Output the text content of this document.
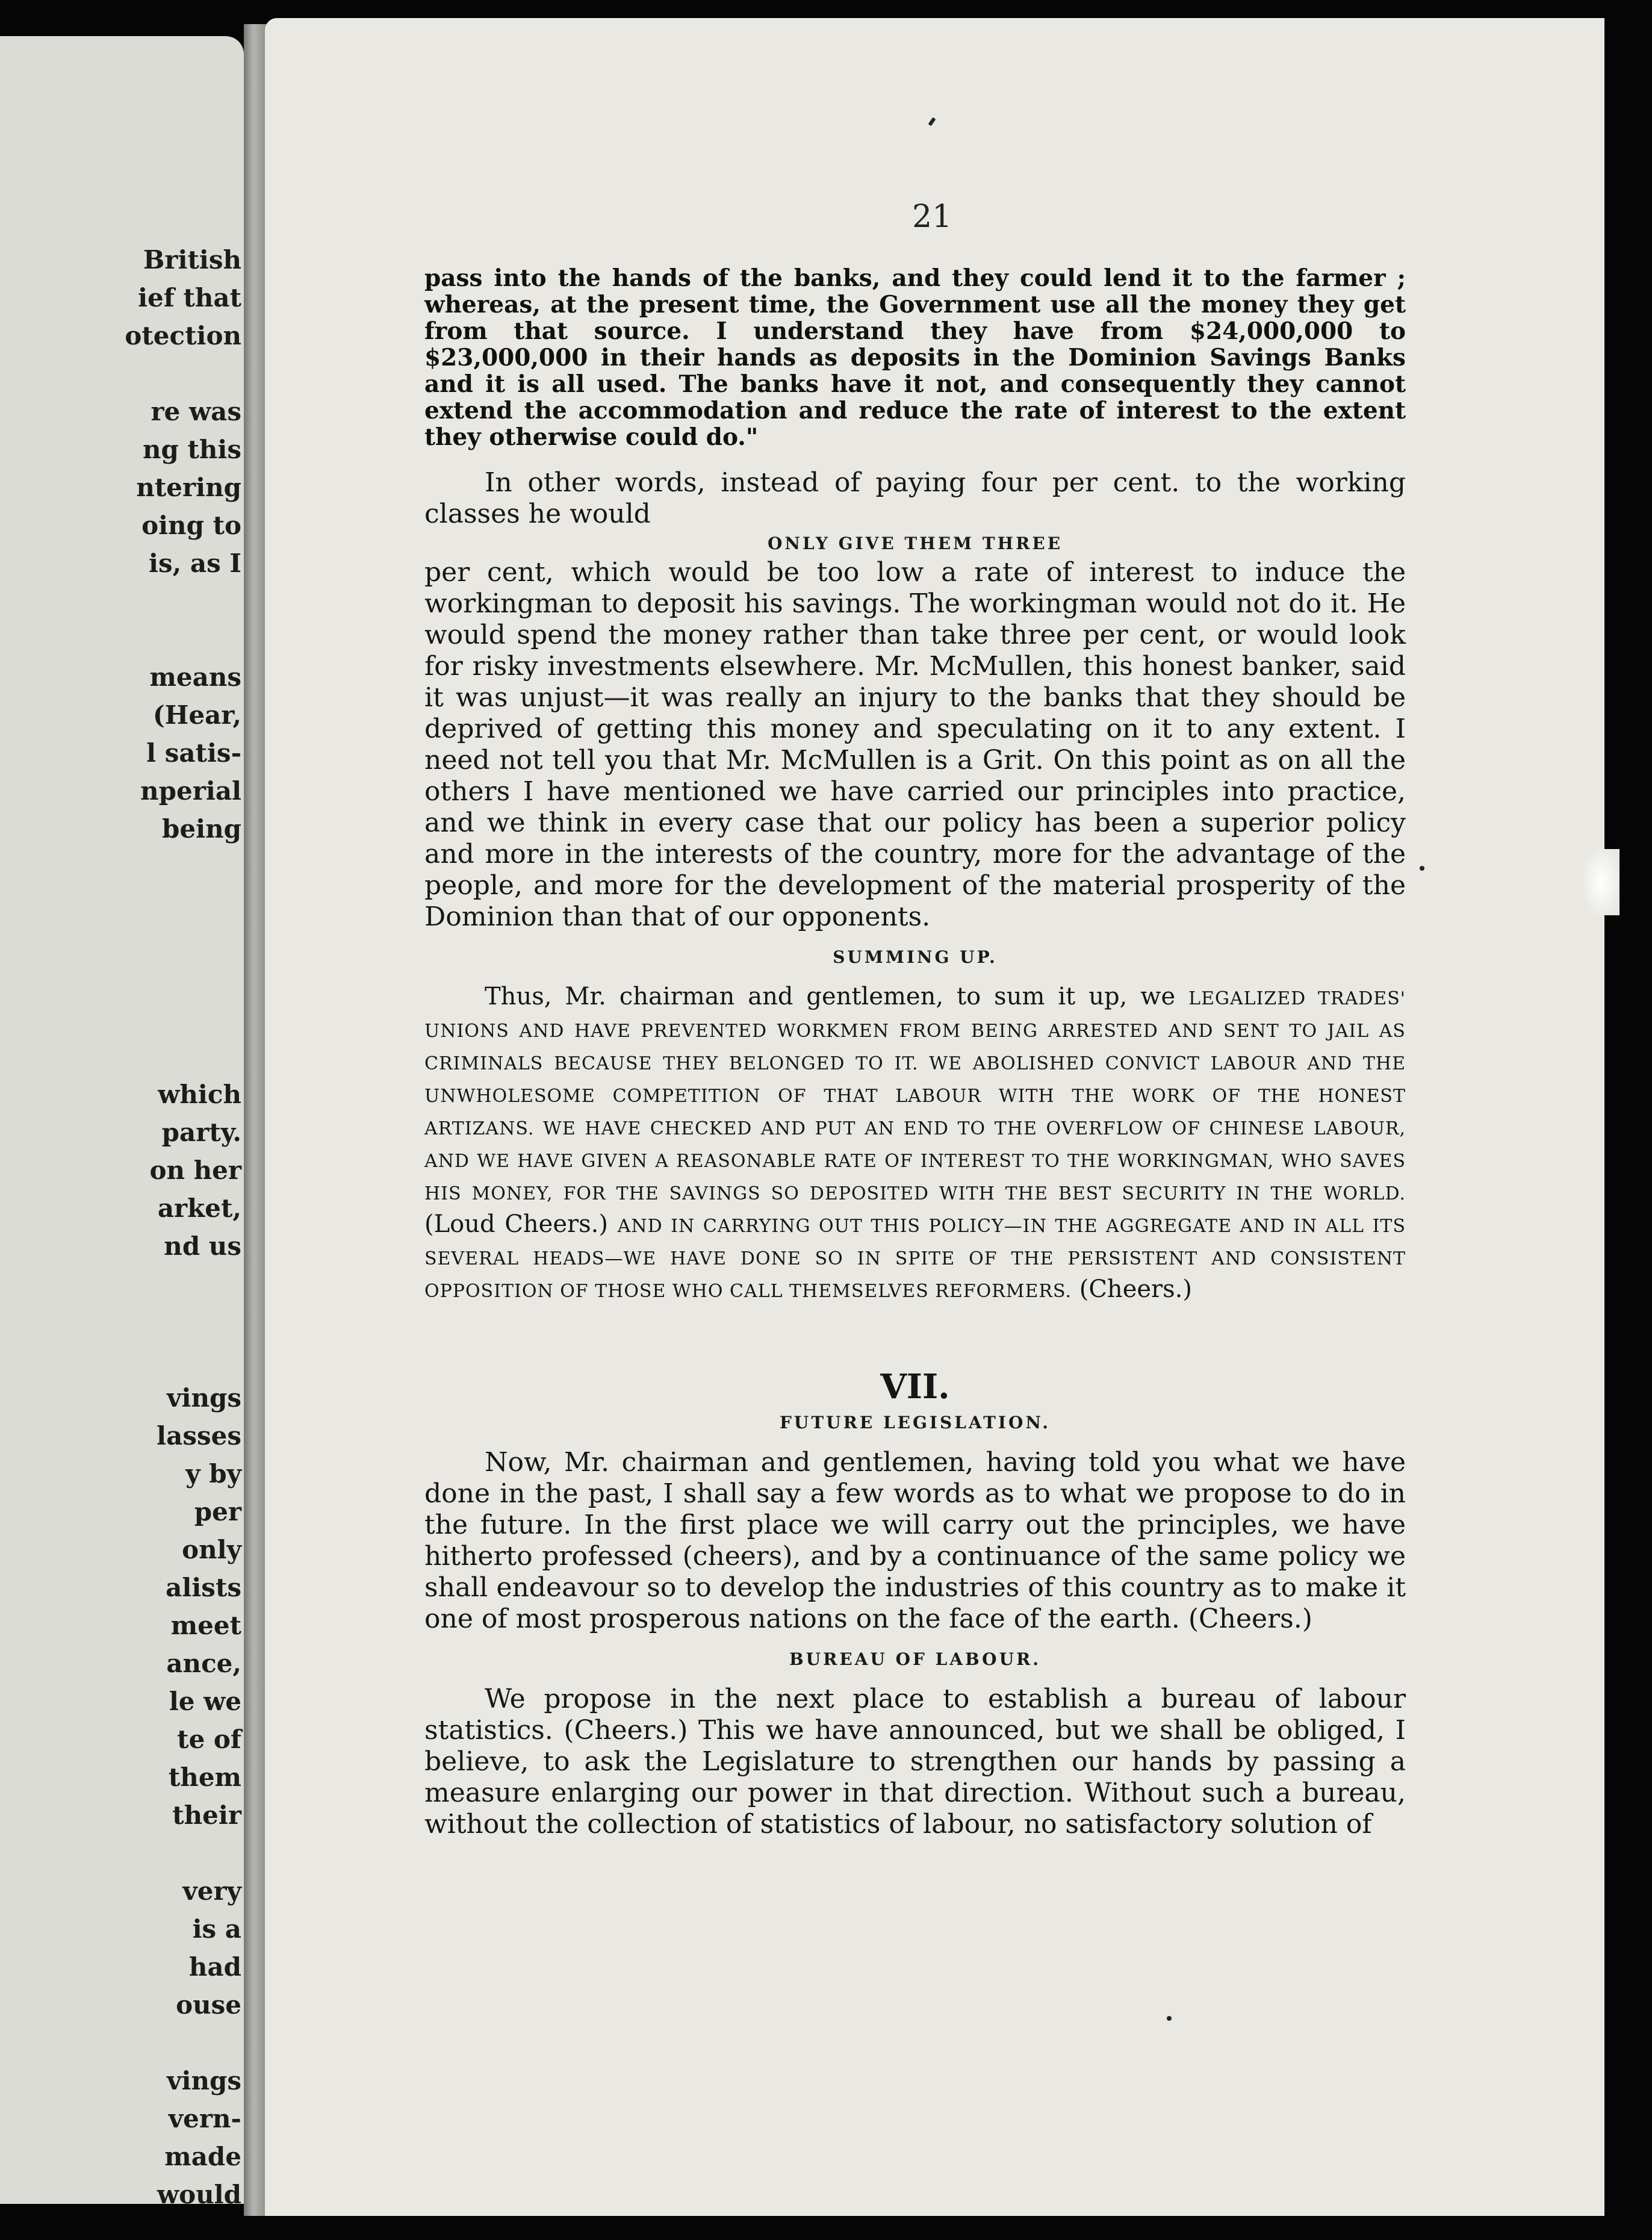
British
ief that
otection

re was
ng this
ntering
oing to
is, as I

means
(Hear,
l satis-
nperial
being

which
party.
on her
arket,
nd us

vings
lasses
y by
per
only
alists
meet
ance,
le we
te of
them
their

very
is a
had
ouse

vings
vern-
made
would
21

pass into the hands of the banks, and they could lend it to the farmer ; whereas, at the present time, the Government use all the money they get from that source. I understand they have from $24,000,000 to $23,000,000 in their hands as deposits in the Dominion Savings Banks and it is all used. The banks have it not, and consequently they cannot extend the accommodation and reduce the rate of interest to the extent they otherwise could do."

In other words, instead of paying four per cent. to the working classes he would

ONLY GIVE THEM THREE

per cent, which would be too low a rate of interest to induce the workingman to deposit his savings. The workingman would not do it. He would spend the money rather than take three per cent, or would look for risky investments elsewhere. Mr. McMullen, this honest banker, said it was unjust—it was really an injury to the banks that they should be deprived of getting this money and speculating on it to any extent. I need not tell you that Mr. McMullen is a Grit. On this point as on all the others I have mentioned we have carried our principles into practice, and we think in every case that our policy has been a superior policy and more in the interests of the country, more for the advantage of the people, and more for the development of the material prosperity of the Dominion than that of our opponents.

SUMMING UP.

Thus, Mr. chairman and gentlemen, to sum it up, we LEGALIZED TRADES' UNIONS AND HAVE PREVENTED WORKMEN FROM BEING ARRESTED AND SENT TO JAIL AS CRIMINALS BECAUSE THEY BELONGED TO IT. WE ABOLISHED CONVICT LABOUR AND THE UNWHOLESOME COMPETITION OF THAT LABOUR WITH THE WORK OF THE HONEST ARTIZANS. WE HAVE CHECKED AND PUT AN END TO THE OVERFLOW OF CHINESE LABOUR, AND WE HAVE GIVEN A REASONABLE RATE OF INTEREST TO THE WORKINGMAN, WHO SAVES HIS MONEY, FOR THE SAVINGS SO DEPOSITED WITH THE BEST SECURITY IN THE WORLD. (Loud Cheers.) AND IN CARRYING OUT THIS POLICY—IN THE AGGREGATE AND IN ALL ITS SEVERAL HEADS—WE HAVE DONE SO IN SPITE OF THE PERSISTENT AND CONSISTENT OPPOSITION OF THOSE WHO CALL THEMSELVES REFORMERS. (Cheers.)

VII.
FUTURE LEGISLATION.

Now, Mr. chairman and gentlemen, having told you what we have done in the past, I shall say a few words as to what we propose to do in the future. In the first place we will carry out the principles, we have hitherto professed (cheers), and by a continuance of the same policy we shall endeavour so to develop the industries of this country as to make it one of most prosperous nations on the face of the earth. (Cheers.)

BUREAU OF LABOUR.

We propose in the next place to establish a bureau of labour statistics. (Cheers.) This we have announced, but we shall be obliged, I believe, to ask the Legislature to strengthen our hands by passing a measure enlarging our power in that direction. Without such a bureau, without the collection of statistics of labour, no satisfactory solution of
